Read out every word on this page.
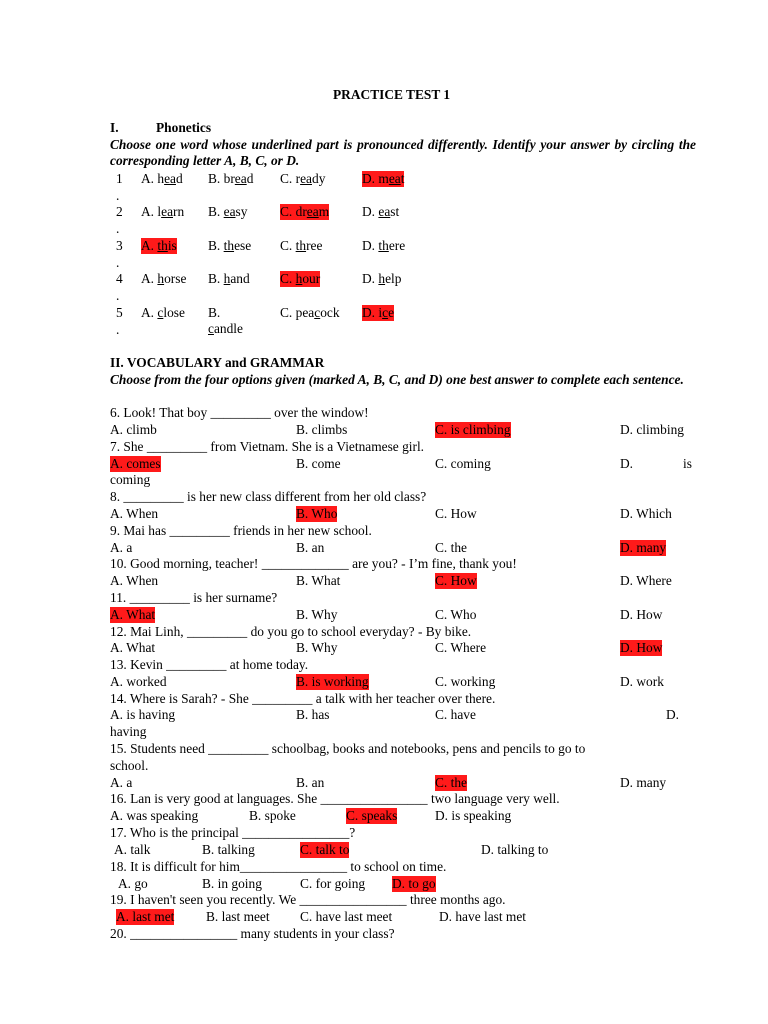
PRACTICE TEST 1
I.	Phonetics
Choose one word whose underlined part is pronounced differently. Identify your answer by circling the corresponding letter A, B, C, or D.
1
.
A. head B. bread C. ready	D. meat
2
.
A. learn B. easy C. dream D. east
3
.
A. this B. these C. three	D. there
4
.
A. horse B. hand C. hour	D. help
5
.
A. close B.
candle
C. peacock D. ice
II. VOCABULARY and GRAMMAR
Choose from the four options given (marked A, B, C, and D) one best answer to complete each sentence.
6. Look! That boy _________ over the window!
A. climb	B. climbs	C. is climbing	D. climbing
7. She _________ from Vietnam. She is a Vietnamese girl.
A. comes	B. come	C. coming	D.	is
coming
8. _________ is her new class different from her old class?
A. When	B. Who	C. How	D. Which
9. Mai has _________ friends in her new school.
A. a	B. an	C. the	D. many
10. Good morning, teacher! _____________ are you? - I’m fine, thank you!
A. When	B. What	C. How	D. Where
11. _________ is her surname?
A. What	B. Why	C. Who	D. How
12. Mai Linh, _________ do you go to school everyday? - By bike.
A. What	B. Why	C. Where	D. How
13. Kevin _________ at home today.
A. worked	B. is working	C. working	D. work
14. Where is Sarah? - She _________ a talk with her teacher over there.
A. is having	B. has	C. have	D.
having
15. Students need _________ schoolbag, books and notebooks, pens and pencils to go to
school.
A. a	B. an	C. the	D. many
16. Lan is very good at languages. She ________________ two language very well.
A. was speaking	B. spoke	C. speaks	D. is speaking
17. Who is the principal ________________?
A. talk	B. talking	C. talk to	D. talking to
18. It is difficult for him________________ to school on time.
A. go	B. in going	C. for going D. to go
19. I haven't seen you recently. We ________________ three months ago.
A. last met B. last meet C. have last meet	D. have last met
20. ________________ many students in your class?
